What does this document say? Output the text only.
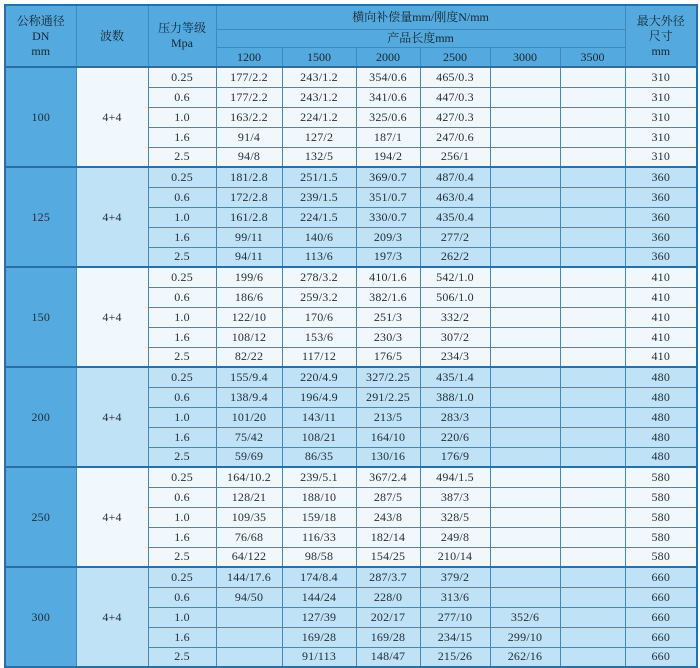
公称通径
DN
mm	波数	压力等级
Mpa	横向补偿量mm/刚度N/mm						最大外径
尺寸
mm
			产品长度mm						
			1200	1500	2000	2500	3000	3500	
100	4+4	0.25	177/2.2	243/1.2	354/0.6	465/0.3			310
		0.6	177/2.2	243/1.2	341/0.6	447/0.3			310
		1.0	163/2.2	224/1.2	325/0.6	427/0.3			310
		1.6	91/4	127/2	187/1	247/0.6			310
		2.5	94/8	132/5	194/2	256/1			310
125	4+4	0.25	181/2.8	251/1.5	369/0.7	487/0.4			360
		0.6	172/2.8	239/1.5	351/0.7	463/0.4			360
		1.0	161/2.8	224/1.5	330/0.7	435/0.4			360
		1.6	99/11	140/6	209/3	277/2			360
		2.5	94/11	113/6	197/3	262/2			360
150	4+4	0.25	199/6	278/3.2	410/1.6	542/1.0			410
		0.6	186/6	259/3.2	382/1.6	506/1.0			410
		1.0	122/10	170/6	251/3	332/2			410
		1.6	108/12	153/6	230/3	307/2			410
		2.5	82/22	117/12	176/5	234/3			410
200	4+4	0.25	155/9.4	220/4.9	327/2.25	435/1.4			480
		0.6	138/9.4	196/4.9	291/2.25	388/1.0			480
		1.0	101/20	143/11	213/5	283/3			480
		1.6	75/42	108/21	164/10	220/6			480
		2.5	59/69	86/35	130/16	176/9			480
250	4+4	0.25	164/10.2	239/5.1	367/2.4	494/1.5			580
		0.6	128/21	188/10	287/5	387/3			580
		1.0	109/35	159/18	243/8	328/5			580
		1.6	76/68	116/33	182/14	249/8			580
		2.5	64/122	98/58	154/25	210/14			580
300	4+4	0.25	144/17.6	174/8.4	287/3.7	379/2			660
		0.6	94/50	144/24	228/0	313/6			660
		1.0		127/39	202/17	277/10	352/6		660
		1.6		169/28	169/28	234/15	299/10		660
		2.5		91/113	148/47	215/26	262/16		660
